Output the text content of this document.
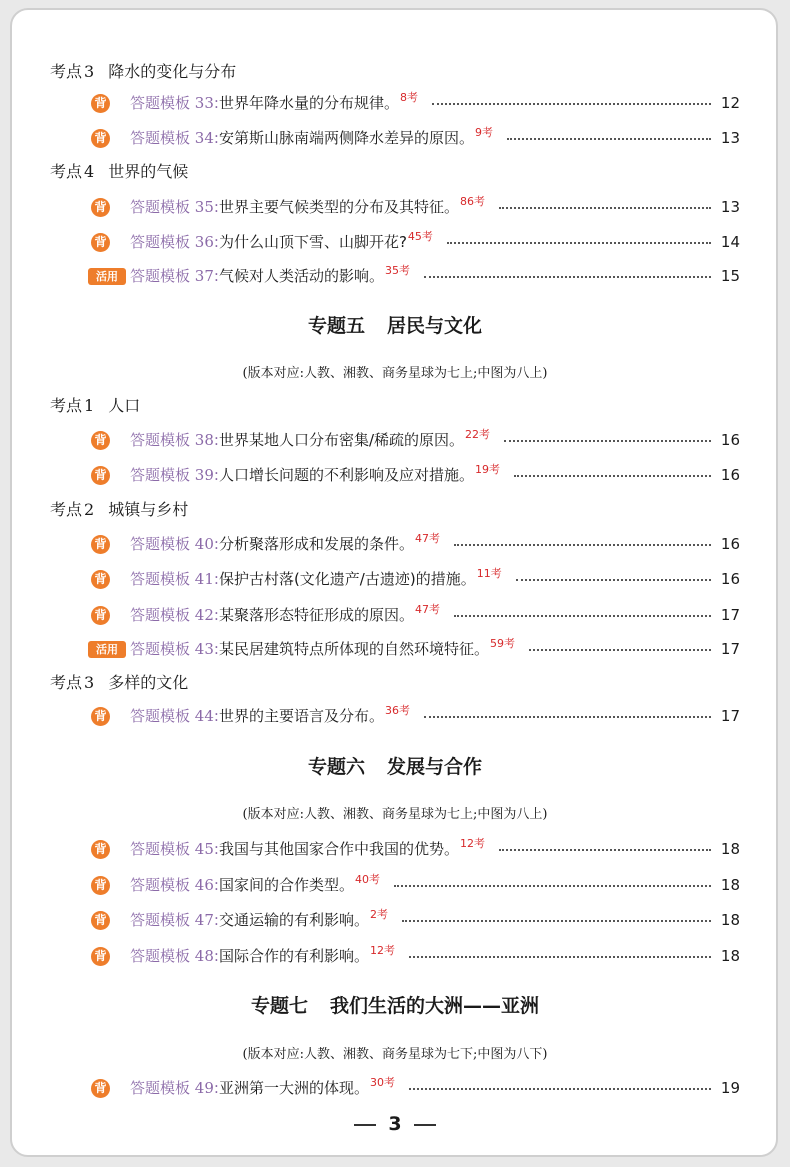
考点 3 降水的变化与分布
背 答题模板 33:世界年降水量的分布规律。$^{8考}$	12
背 答题模板 34:安第斯山脉南端两侧降水差异的原因。$^{9考}$	13
考点 4 世界的气候
背 答题模板 35:世界主要气候类型的分布及其特征。$^{86考}$	13
背 答题模板 36:为什么山顶下雪、山脚开花?$^{45考}$	14
活用 答题模板 37:气候对人类活动的影响。$^{35考}$	15
专题五 居民与文化
(版本对应:人教、湘教、商务星球为七上;中图为八上)
考点 1 人口
背 答题模板 38:世界某地人口分布密集/稀疏的原因。$^{22考}$	16
背 答题模板 39:人口增长问题的不利影响及应对措施。$^{19考}$	16
考点 2 城镇与乡村
背 答题模板 40:分析聚落形成和发展的条件。$^{47考}$	16
背 答题模板 41:保护古村落(文化遗产/古遗迹)的措施。$^{11考}$	16
背 答题模板 42:某聚落形态特征形成的原因。$^{47考}$	17
活用 答题模板 43:某民居建筑特点所体现的自然环境特征。$^{59考}$	17
考点 3 多样的文化
背 答题模板 44:世界的主要语言及分布。$^{36考}$	17
专题六 发展与合作
(版本对应:人教、湘教、商务星球为七上;中图为八上)
背 答题模板 45:我国与其他国家合作中我国的优势。$^{12考}$	18
背 答题模板 46:国家间的合作类型。$^{40考}$	18
背 答题模板 47:交通运输的有利影响。$^{2考}$	18
背 答题模板 48:国际合作的有利影响。$^{12考}$	18
专题七 我们生活的大洲——亚洲
(版本对应:人教、湘教、商务星球为七下;中图为八下)
背 答题模板 49:亚洲第一大洲的体现。$^{30考}$	19
3
